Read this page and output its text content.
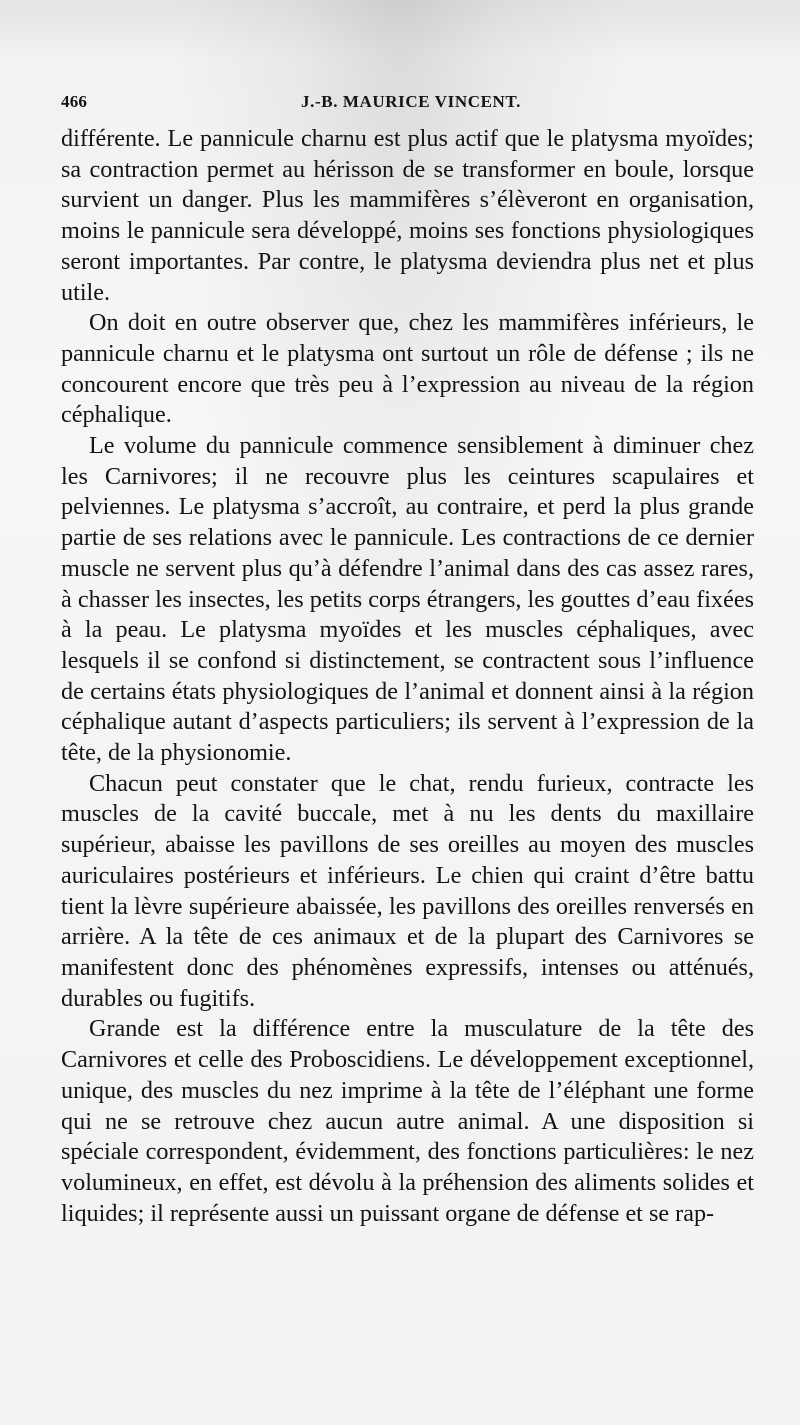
466	J.-B. MAURICE VINCENT.

différente. Le pannicule charnu est plus actif que le platysma myoïdes; sa contraction permet au hérisson de se transformer en boule, lorsque survient un danger. Plus les mammifères s’élèveront en organisation, moins le pannicule sera développé, moins ses fonctions physiologiques seront importantes. Par contre, le platysma deviendra plus net et plus utile.

On doit en outre observer que, chez les mammifères inférieurs, le pannicule charnu et le platysma ont surtout un rôle de défense ; ils ne concourent encore que très peu à l’expression au niveau de la région céphalique.

Le volume du pannicule commence sensiblement à diminuer chez les Carnivores; il ne recouvre plus les ceintures scapulaires et pelviennes. Le platysma s’accroît, au contraire, et perd la plus grande partie de ses relations avec le pannicule. Les contractions de ce dernier muscle ne servent plus qu’à défendre l’animal dans des cas assez rares, à chasser les insectes, les petits corps étrangers, les gouttes d’eau fixées à la peau. Le platysma myoïdes et les muscles céphaliques, avec lesquels il se confond si distinctement, se contractent sous l’influence de certains états physiologiques de l’animal et donnent ainsi à la région céphalique autant d’aspects particuliers; ils servent à l’expression de la tête, de la physionomie.

Chacun peut constater que le chat, rendu furieux, contracte les muscles de la cavité buccale, met à nu les dents du maxillaire supérieur, abaisse les pavillons de ses oreilles au moyen des muscles auriculaires postérieurs et inférieurs. Le chien qui craint d’être battu tient la lèvre supérieure abaissée, les pavillons des oreilles renversés en arrière. A la tête de ces animaux et de la plupart des Carnivores se manifestent donc des phénomènes expressifs, intenses ou atténués, durables ou fugitifs.

Grande est la différence entre la musculature de la tête des Carnivores et celle des Proboscidiens. Le développement exceptionnel, unique, des muscles du nez imprime à la tête de l’éléphant une forme qui ne se retrouve chez aucun autre animal. A une disposition si spéciale correspondent, évidemment, des fonctions particulières: le nez volumineux, en effet, est dévolu à la préhension des aliments solides et liquides; il représente aussi un puissant organe de défense et se rap-
